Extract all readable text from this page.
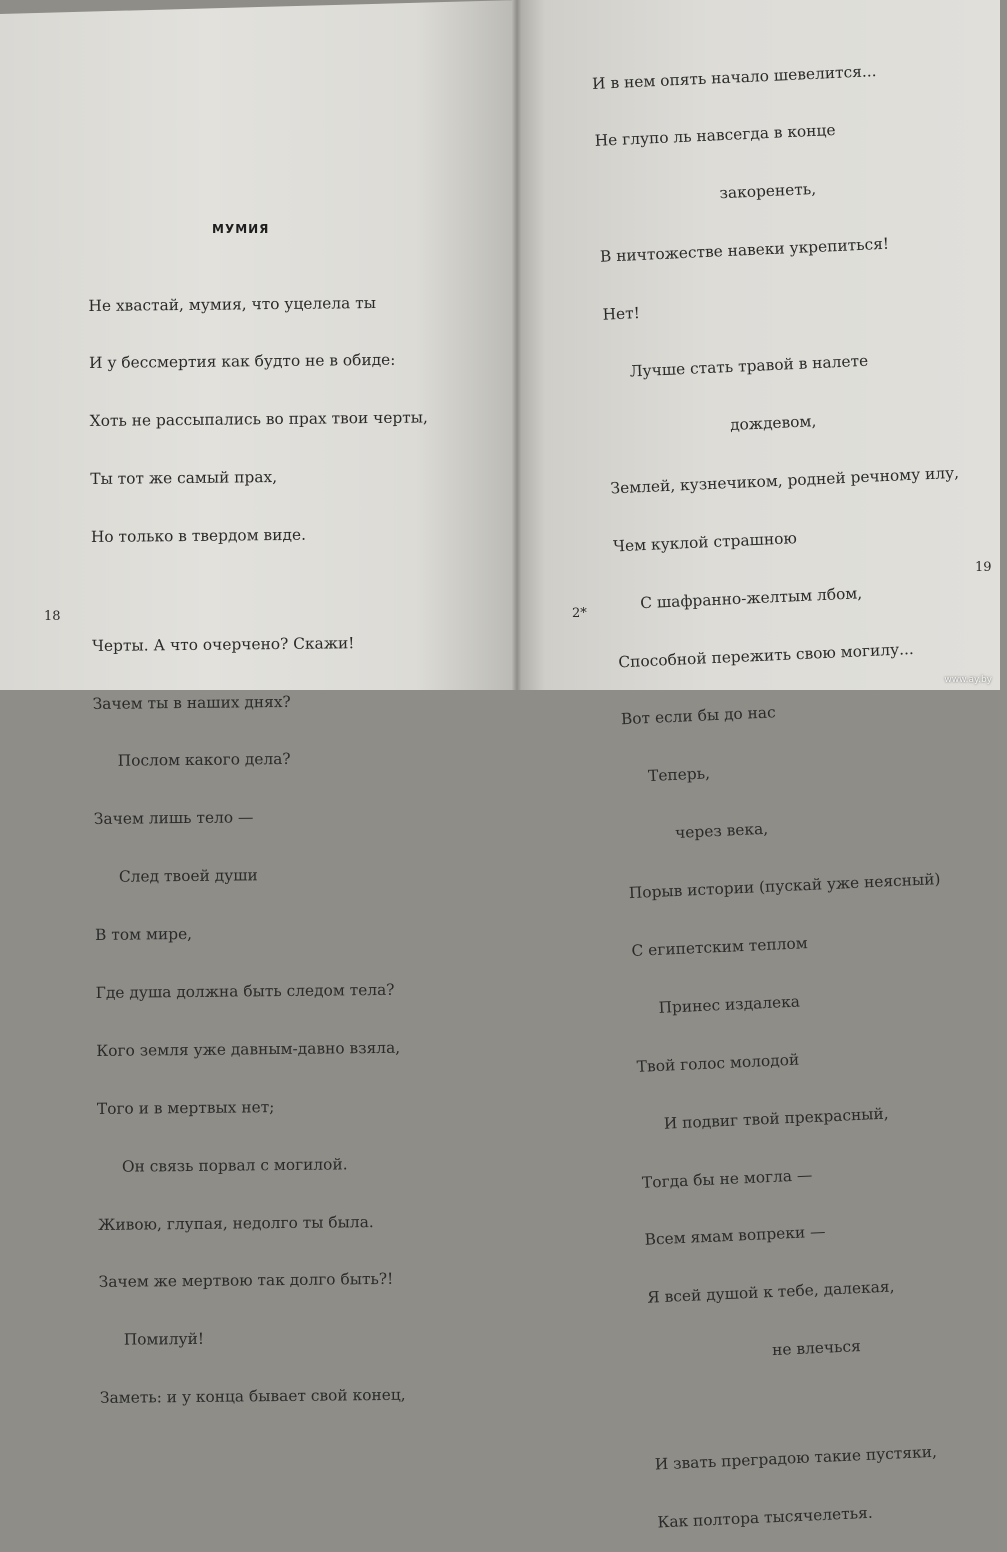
МУМИЯ

Не хвастай, мумия, что уцелела ты

И у бессмертия как будто не в обиде:

Хоть не рассыпались во прах твои черты,

Ты тот же самый прах,

Но только в твердом виде.

Черты. А что очерчено? Скажи!

Зачем ты в наших днях?

Послом какого дела?

Зачем лишь тело —

След твоей души

В том мире,

Где душа должна быть следом тела?

Кого земля уже давным-давно взяла,

Того и в мертвых нет;

Он связь порвал с могилой.

Живою, глупая, недолго ты была.

Зачем же мертвою так долго быть?!

Помилуй!

Заметь: и у конца бывает свой конец,

И в нем опять начало шевелится...

Не глупо ль навсегда в конце

закоренеть,

В ничтожестве навеки укрепиться!

Нет!

Лучше стать травой в налете

дождевом,

Землей, кузнечиком, родней речному илу,

Чем куклой страшною

С шафранно-желтым лбом,

Способной пережить свою могилу...

Вот если бы до нас

Теперь,

через века,

Порыв истории (пускай уже неясный)

С египетским теплом

Принес издалека

Твой голос молодой

И подвиг твой прекрасный,

Тогда бы не могла —

Всем ямам вопреки —

Я всей душой к тебе, далекая,

не влечься

И звать преградою такие пустяки,

Как полтора тысячелетья.

18
19
2*
www.ay.by
